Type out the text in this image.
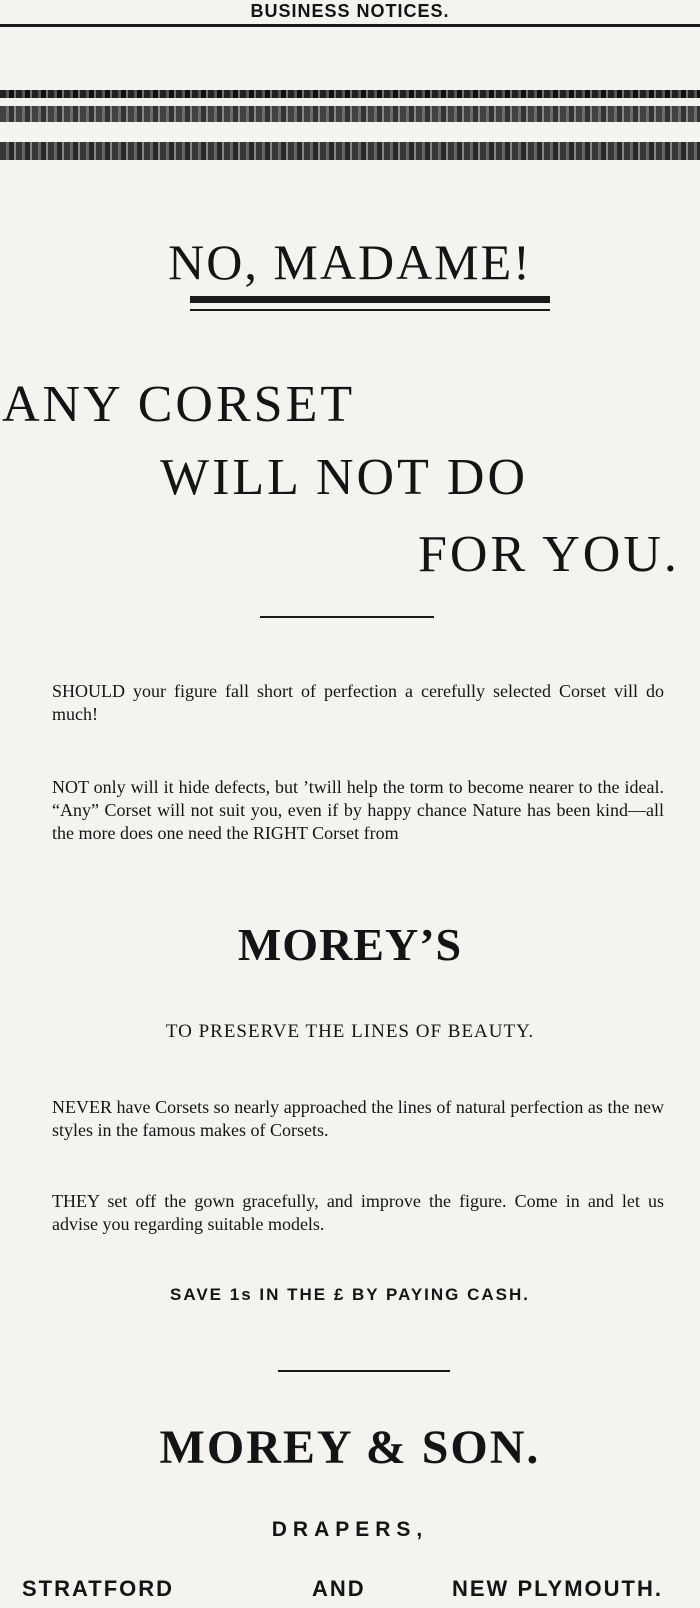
BUSINESS NOTICES.
NO, MADAME!
ANY CORSET
WILL NOT DO
FOR YOU.
SHOULD your figure fall short of perfection a cerefully selected Corset vill do much!
NOT only will it hide defects, but ’twill help the torm to become nearer to the ideal. “Any” Corset will not suit you, even if by happy chance Nature has been kind—all the more does one need the RIGHT Corset from
MOREY’S
TO PRESERVE THE LINES OF BEAUTY.
NEVER have Corsets so nearly approached the lines of natural perfection as the new styles in the famous makes of Corsets.
THEY set off the gown gracefully, and improve the figure. Come in and let us advise you regarding suitable models.
SAVE 1s IN THE £ BY PAYING CASH.
MOREY & SON.
DRAPERS,
STRATFORD	AND	NEW PLYMOUTH.
